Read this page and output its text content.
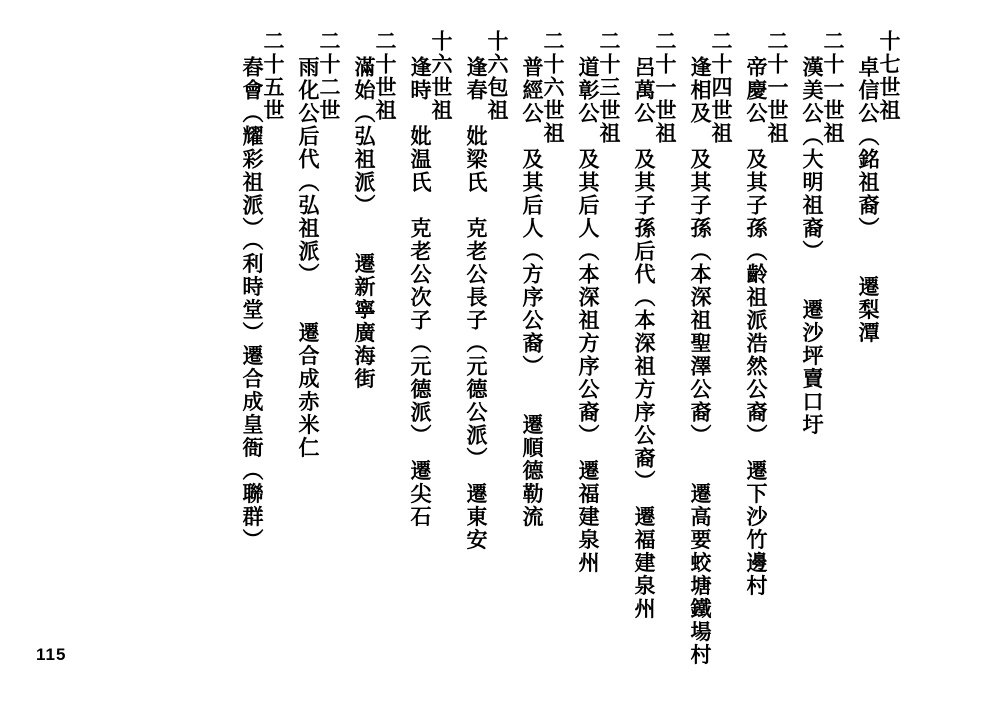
十七世祖
卓信公（銘祖裔）　　遷梨潭
二十一世祖
漢美公（大明祖裔）　　遷沙坪賣口圩
二十一世祖
帝慶公　及其子孫（齡祖派浩然公裔）　遷下沙竹邊村
二十四世祖
逢相及　及其子孫（本深祖聖澤公裔）　　遷高要蛟塘鐵場村
二十一世祖
呂萬公　及其子孫后代（本深祖方序公裔）　遷福建泉州
二十三世祖
道彰公　及其后人（本深祖方序公裔）　遷福建泉州
二十六世祖
普經公　及其后人（方序公裔）　　遷順德勒流
十六包祖
逢春　妣梁氏　克老公長子（元德公派）　遷東安
十六世祖
逢時　妣温氏　克老公次子（元德派）　遷尖石
二十世祖
滿始（弘祖派）　　遷新寧廣海街
二十二世
雨化公后代（弘祖派）　　遷合成赤米仁
二十五世
舂會（耀彩祖派）（利時堂）遷合成皇衙（聯群）
115
